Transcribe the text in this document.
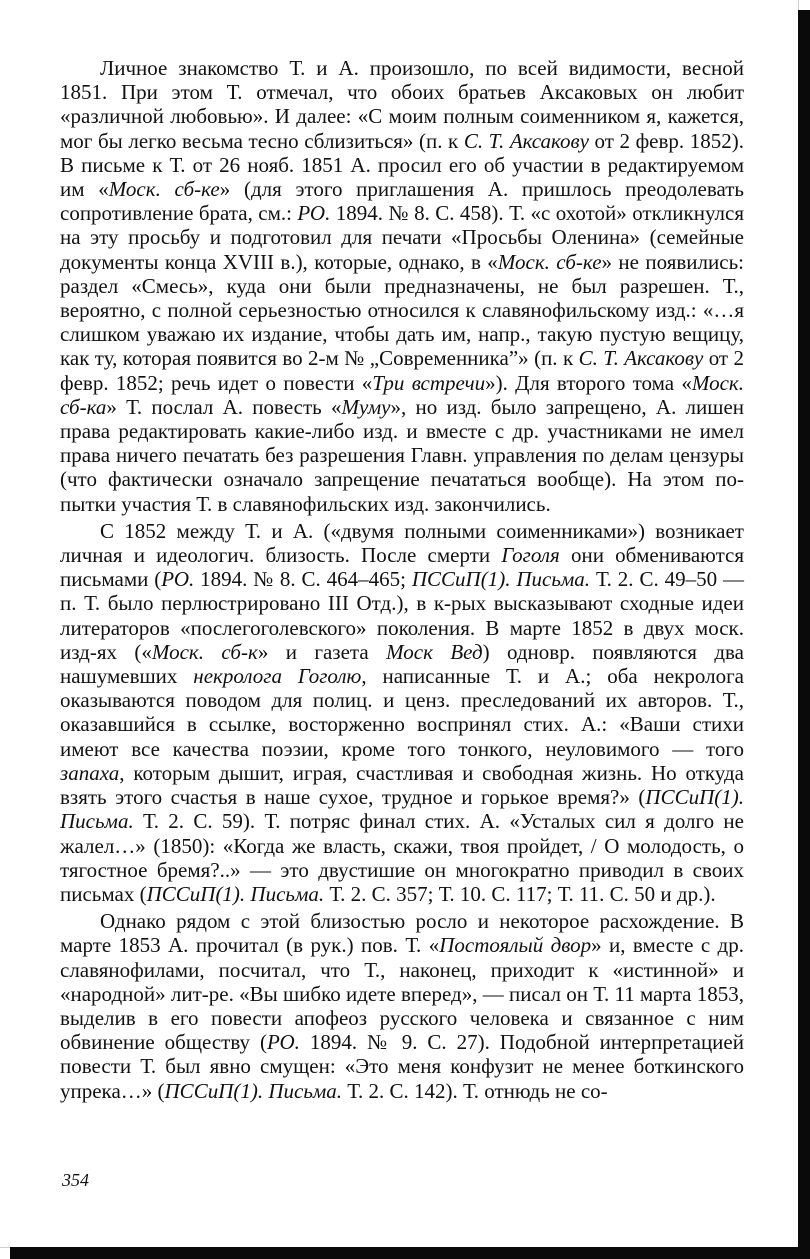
Личное знакомство Т. и А. произошло, по всей видимости, весной 1851. При этом Т. отмечал, что обоих братьев Аксаковых он любит «различной любовью». И далее: «С моим полным соименником я, кажется, мог бы легко весьма тесно сблизиться» (п. к С. Т. Аксакову от 2 февр. 1852). В письме к Т. от 26 нояб. 1851 А. просил его об участии в редактируемом им «Моск. сб-ке» (для этого приглашения А. пришлось преодолевать сопротивление брата, см.: РО. 1894. № 8. С. 458). Т. «с охотой» откликнулся на эту просьбу и подготовил для печати «Просьбы Оленина» (семейные документы конца XVIII в.), которые, однако, в «Моск. сб-ке» не появились: раздел «Смесь», куда они были предназначены, не был разрешен. Т., вероятно, с полной серьезностью относился к славянофильскому изд.: «…я слишком уважаю их издание, чтобы дать им, напр., такую пустую вещицу, как ту, которая появится во 2-м № „Современника”» (п. к С. Т. Аксакову от 2 февр. 1852; речь идет о повести «Три встречи»). Для второго тома «Моск. сб-ка» Т. послал А. повесть «Муму», но изд. было запрещено, А. лишен права редактировать какие-либо изд. и вместе с др. участниками не имел права ничего печатать без разрешения Главн. управления по делам цензуры (что фактически означало запрещение печататься вообще). На этом попытки участия Т. в славянофильских изд. закончились.

С 1852 между Т. и А. («двумя полными соименниками») возникает личная и идеологич. близость. После смерти Гоголя они обмениваются письмами (РО. 1894. № 8. С. 464–465; ПССиП(1). Письма. Т. 2. С. 49–50 — п. Т. было перлюстрировано III Отд.), в к-рых высказывают сходные идеи литераторов «послегоголевского» поколения. В марте 1852 в двух моск. изд-ях («Моск. сб-к» и газета Моск Вед) одновр. появляются два нашумевших некролога Гоголю, написанные Т. и А.; оба некролога оказываются поводом для полиц. и ценз. преследований их авторов. Т., оказавшийся в ссылке, восторженно воспринял стих. А.: «Ваши стихи имеют все качества поэзии, кроме того тонкого, неуловимого — того запаха, которым дышит, играя, счастливая и свободная жизнь. Но откуда взять этого счастья в наше сухое, трудное и горькое время?» (ПССиП(1). Письма. Т. 2. С. 59). Т. потряс финал стих. А. «Усталых сил я долго не жалел…» (1850): «Когда же власть, скажи, твоя пройдет, / О молодость, о тягостное бремя?..» — это двустишие он многократно приводил в своих письмах (ПССиП(1). Письма. Т. 2. С. 357; Т. 10. С. 117; Т. 11. С. 50 и др.).

Однако рядом с этой близостью росло и некоторое расхождение. В марте 1853 А. прочитал (в рук.) пов. Т. «Постоялый двор» и, вместе с др. славянофилами, посчитал, что Т., наконец, приходит к «истинной» и «народной» лит-ре. «Вы шибко идете вперед», — писал он Т. 11 марта 1853, выделив в его повести апофеоз русского человека и связанное с ним обвинение обществу (РО. 1894. № 9. С. 27). Подобной интерпретацией повести Т. был явно смущен: «Это меня конфузит не менее боткинского упрека…» (ПССиП(1). Письма. Т. 2. С. 142). Т. отнюдь не со-

354
